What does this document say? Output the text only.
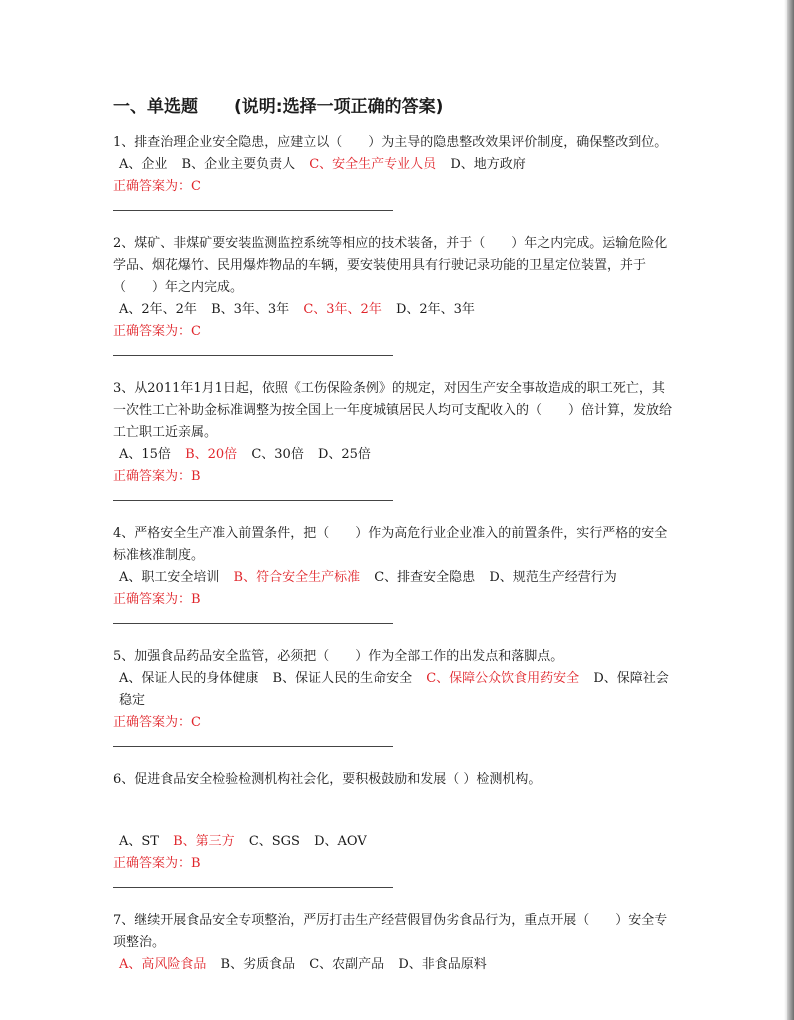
一、单选题 (说明:选择一项正确的答案)

1、排查治理企业安全隐患，应建立以（　　）为主导的隐患整改效果评价制度，确保整改到位。

A、企业 B、企业主要负责人 C、安全生产专业人员 D、地方政府

正确答案为：C

2、煤矿、非煤矿要安装监测监控系统等相应的技术装备，并于（　　）年之内完成。运输危险化学品、烟花爆竹、民用爆炸物品的车辆，要安装使用具有行驶记录功能的卫星定位装置，并于（　　）年之内完成。

A、2年、2年 B、3年、3年 C、3年、2年 D、2年、3年

正确答案为：C

3、从2011年1月1日起，依照《工伤保险条例》的规定，对因生产安全事故造成的职工死亡，其一次性工亡补助金标准调整为按全国上一年度城镇居民人均可支配收入的（　　）倍计算，发放给工亡职工近亲属。

A、15倍 B、20倍 C、30倍 D、25倍

正确答案为：B

4、严格安全生产准入前置条件，把（　　）作为高危行业企业准入的前置条件，实行严格的安全标准核准制度。

A、职工安全培训 B、符合安全生产标准 C、排查安全隐患 D、规范生产经营行为

正确答案为：B

5、加强食品药品安全监管，必须把（　　）作为全部工作的出发点和落脚点。

A、保证人民的身体健康 B、保证人民的生命安全 C、保障公众饮食用药安全 D、保障社会稳定

正确答案为：C

6、促进食品安全检验检测机构社会化，要积极鼓励和发展（ ）检测机构。

A、ST B、第三方 C、SGS D、AOV

正确答案为：B

7、继续开展食品安全专项整治，严厉打击生产经营假冒伪劣食品行为，重点开展（　　）安全专项整治。

A、高风险食品 B、劣质食品 C、农副产品 D、非食品原料
